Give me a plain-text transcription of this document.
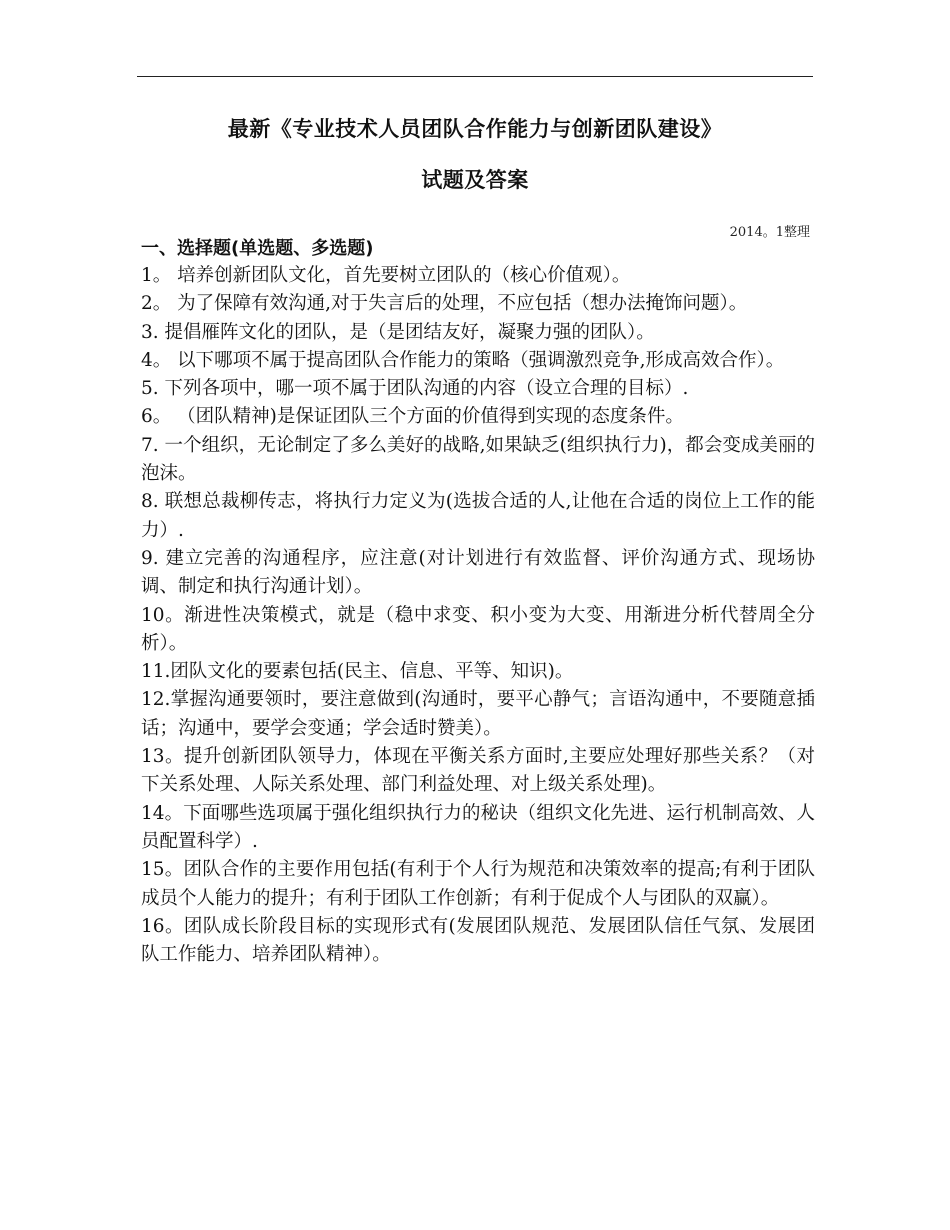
最新《专业技术人员团队合作能力与创新团队建设》
试题及答案
2014。1整理
一、选择题(单选题、多选题)
1。 培养创新团队文化，首先要树立团队的（核心价值观）。
2。 为了保障有效沟通,对于失言后的处理，不应包括（想办法掩饰问题）。
3. 提倡雁阵文化的团队，是（是团结友好，凝聚力强的团队）。
4。 以下哪项不属于提高团队合作能力的策略（强调激烈竞争,形成高效合作）。
5. 下列各项中，哪一项不属于团队沟通的内容（设立合理的目标）.
6。 （团队精神)是保证团队三个方面的价值得到实现的态度条件。
7. 一个组织，无论制定了多么美好的战略,如果缺乏(组织执行力)，都会变成美丽的泡沫。
8. 联想总裁柳传志，将执行力定义为(选拔合适的人,让他在合适的岗位上工作的能力）.
9. 建立完善的沟通程序，应注意(对计划进行有效监督、评价沟通方式、现场协调、制定和执行沟通计划）。
10。渐进性决策模式，就是（稳中求变、积小变为大变、用渐进分析代替周全分析）。
11.团队文化的要素包括(民主、信息、平等、知识)。
12.掌握沟通要领时，要注意做到(沟通时，要平心静气；言语沟通中，不要随意插话；沟通中，要学会变通；学会适时赞美）。
13。提升创新团队领导力，体现在平衡关系方面时,主要应处理好那些关系？（对下关系处理、人际关系处理、部门利益处理、对上级关系处理)。
14。下面哪些选项属于强化组织执行力的秘诀（组织文化先进、运行机制高效、人员配置科学）.
15。团队合作的主要作用包括(有利于个人行为规范和决策效率的提高;有利于团队成员个人能力的提升；有利于团队工作创新；有利于促成个人与团队的双赢）。
16。团队成长阶段目标的实现形式有(发展团队规范、发展团队信任气氛、发展团队工作能力、培养团队精神）。
